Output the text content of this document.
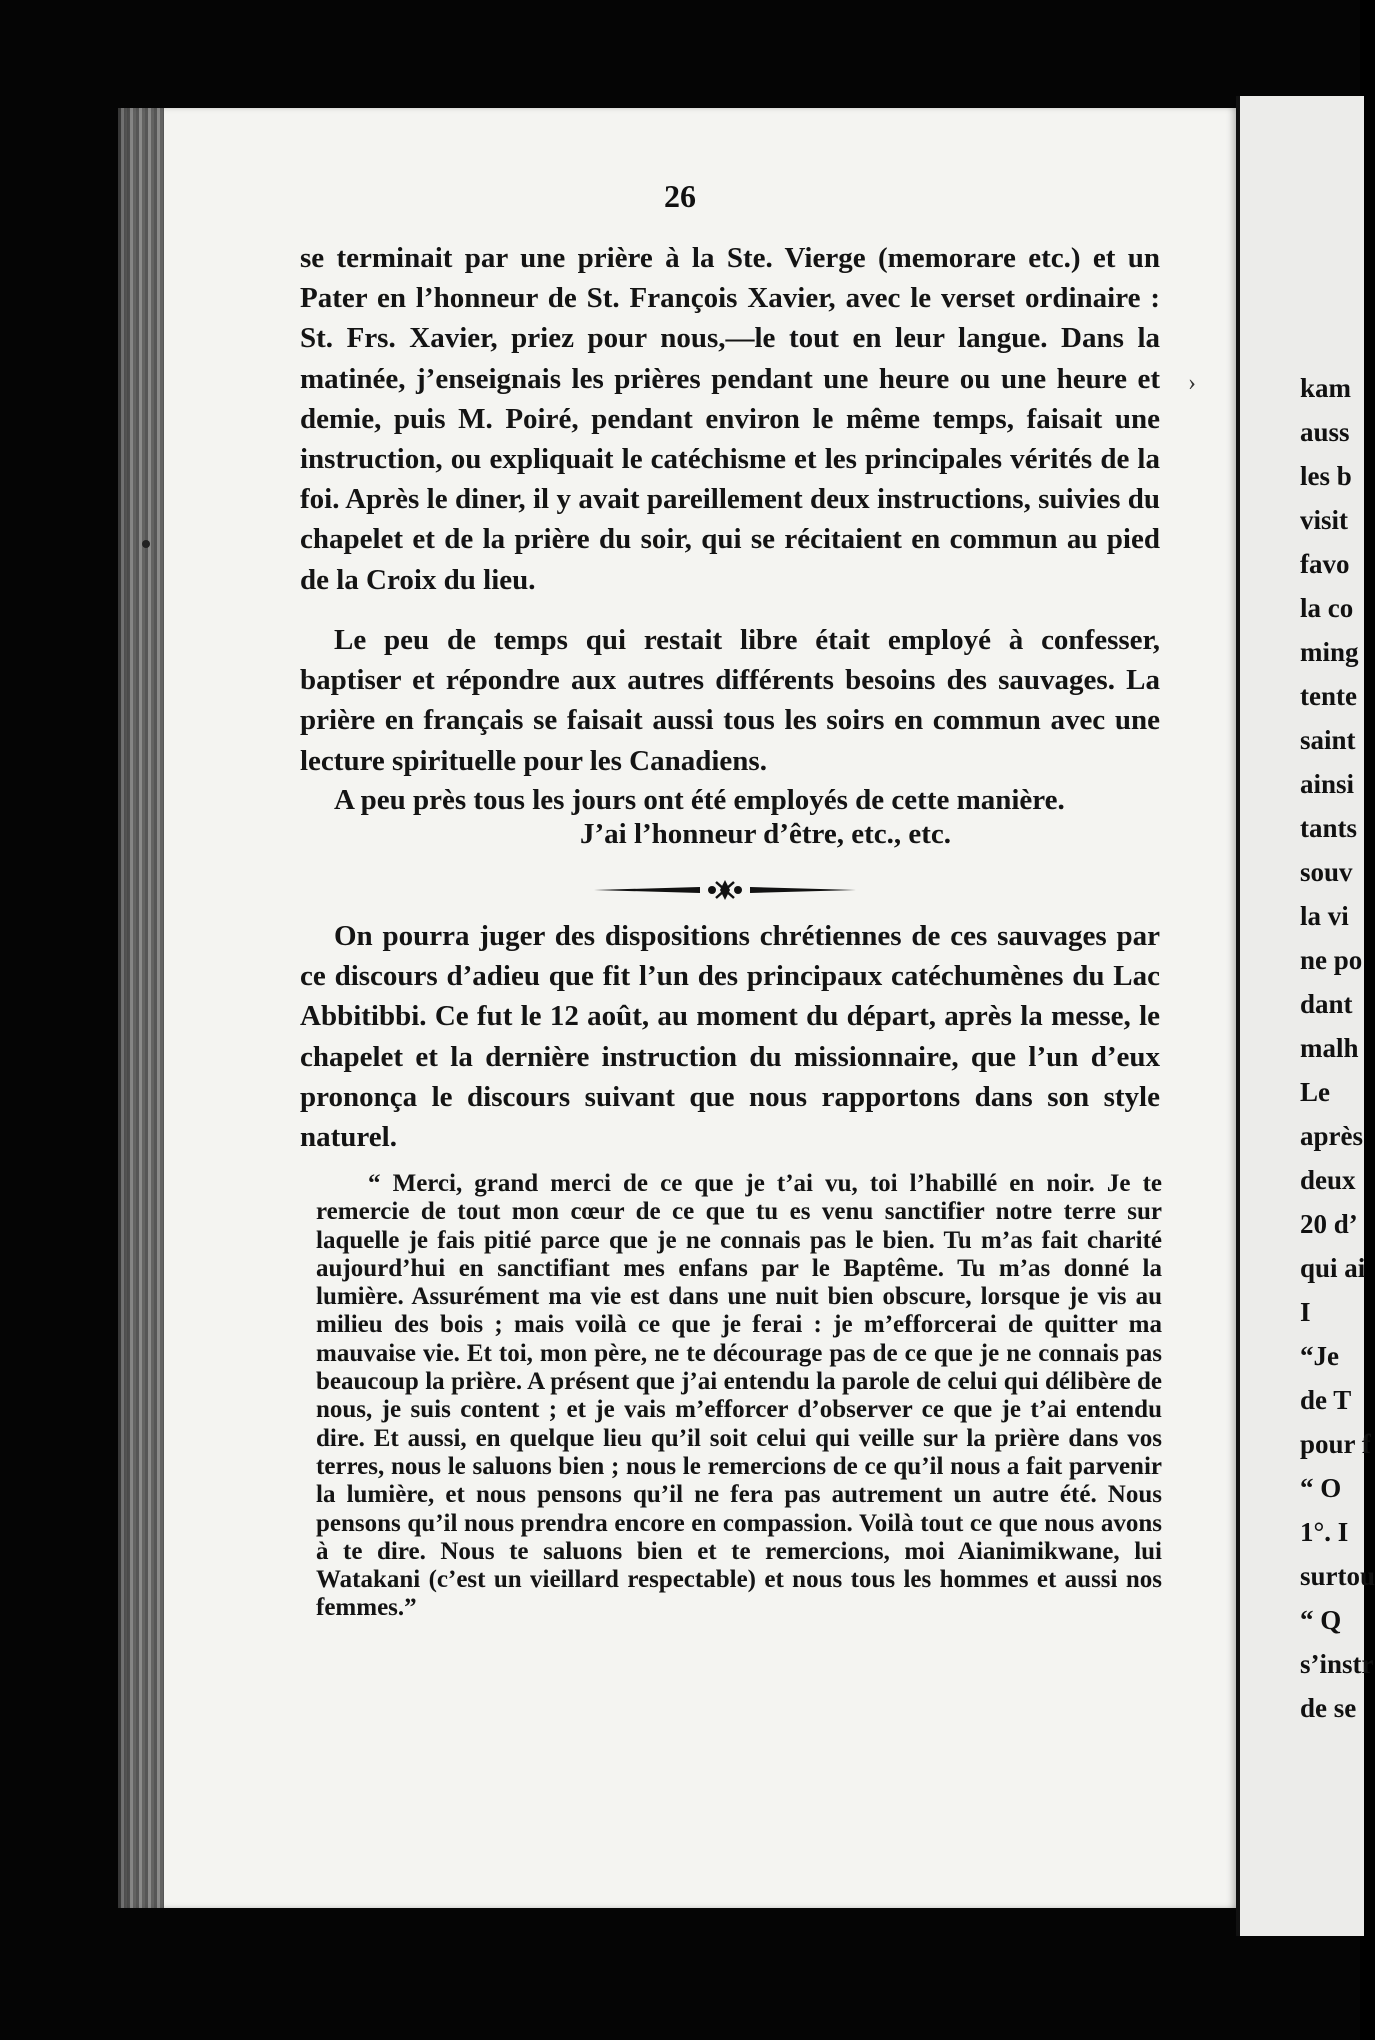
kam
auss
les b
visit
favo
la co
ming
tente
saint
ainsi
tants
souv
la vi
ne po
dant
malh
Le
après
deux
20 d’
qui ai
I
“Je
de T
pour f
“ O
1°. I
surtou
“ Q
s’instr
de se
26
se terminait par une prière à la Ste. Vierge (memorare etc.) et un Pater en l’honneur de St. François Xavier, avec le verset ordinaire : St. Frs. Xavier, priez pour nous,—le tout en leur langue. Dans la matinée, j’enseignais les prières pendant une heure ou une heure et demie, puis M. Poiré, pendant environ le même temps, faisait une instruction, ou expliquait le catéchisme et les principales vérités de la foi. Après le diner, il y avait pareillement deux instructions, suivies du chapelet et de la prière du soir, qui se récitaient en commun au pied de la Croix du lieu.
Le peu de temps qui restait libre était employé à confesser, baptiser et répondre aux autres différents besoins des sauvages. La prière en français se faisait aussi tous les soirs en commun avec une lecture spirituelle pour les Canadiens.
A peu près tous les jours ont été employés de cette manière.
J’ai l’honneur d’être, etc., etc.
On pourra juger des dispositions chrétiennes de ces sauvages par ce discours d’adieu que fit l’un des principaux catéchumènes du Lac Abbitibbi. Ce fut le 12 août, au moment du départ, après la messe, le chapelet et la dernière instruction du missionnaire, que l’un d’eux prononça le discours suivant que nous rapportons dans son style naturel.
“ Merci, grand merci de ce que je t’ai vu, toi l’habillé en noir. Je te remercie de tout mon cœur de ce que tu es venu sanctifier notre terre sur laquelle je fais pitié parce que je ne connais pas le bien. Tu m’as fait charité aujourd’hui en sanctifiant mes enfans par le Baptême. Tu m’as donné la lumière. Assurément ma vie est dans une nuit bien obscure, lorsque je vis au milieu des bois ; mais voilà ce que je ferai : je m’efforcerai de quitter ma mauvaise vie. Et toi, mon père, ne te décourage pas de ce que je ne connais pas beaucoup la prière. A présent que j’ai entendu la parole de celui qui délibère de nous, je suis content ; et je vais m’efforcer d’observer ce que je t’ai entendu dire. Et aussi, en quelque lieu qu’il soit celui qui veille sur la prière dans vos terres, nous le saluons bien ; nous le remercions de ce qu’il nous a fait parvenir la lumière, et nous pensons qu’il ne fera pas autrement un autre été. Nous pensons qu’il nous prendra encore en compassion. Voilà tout ce que nous avons à te dire. Nous te saluons bien et te remercions, moi Aianimikwane, lui Watakani (c’est un vieillard respectable) et nous tous les hommes et aussi nos femmes.”
›
